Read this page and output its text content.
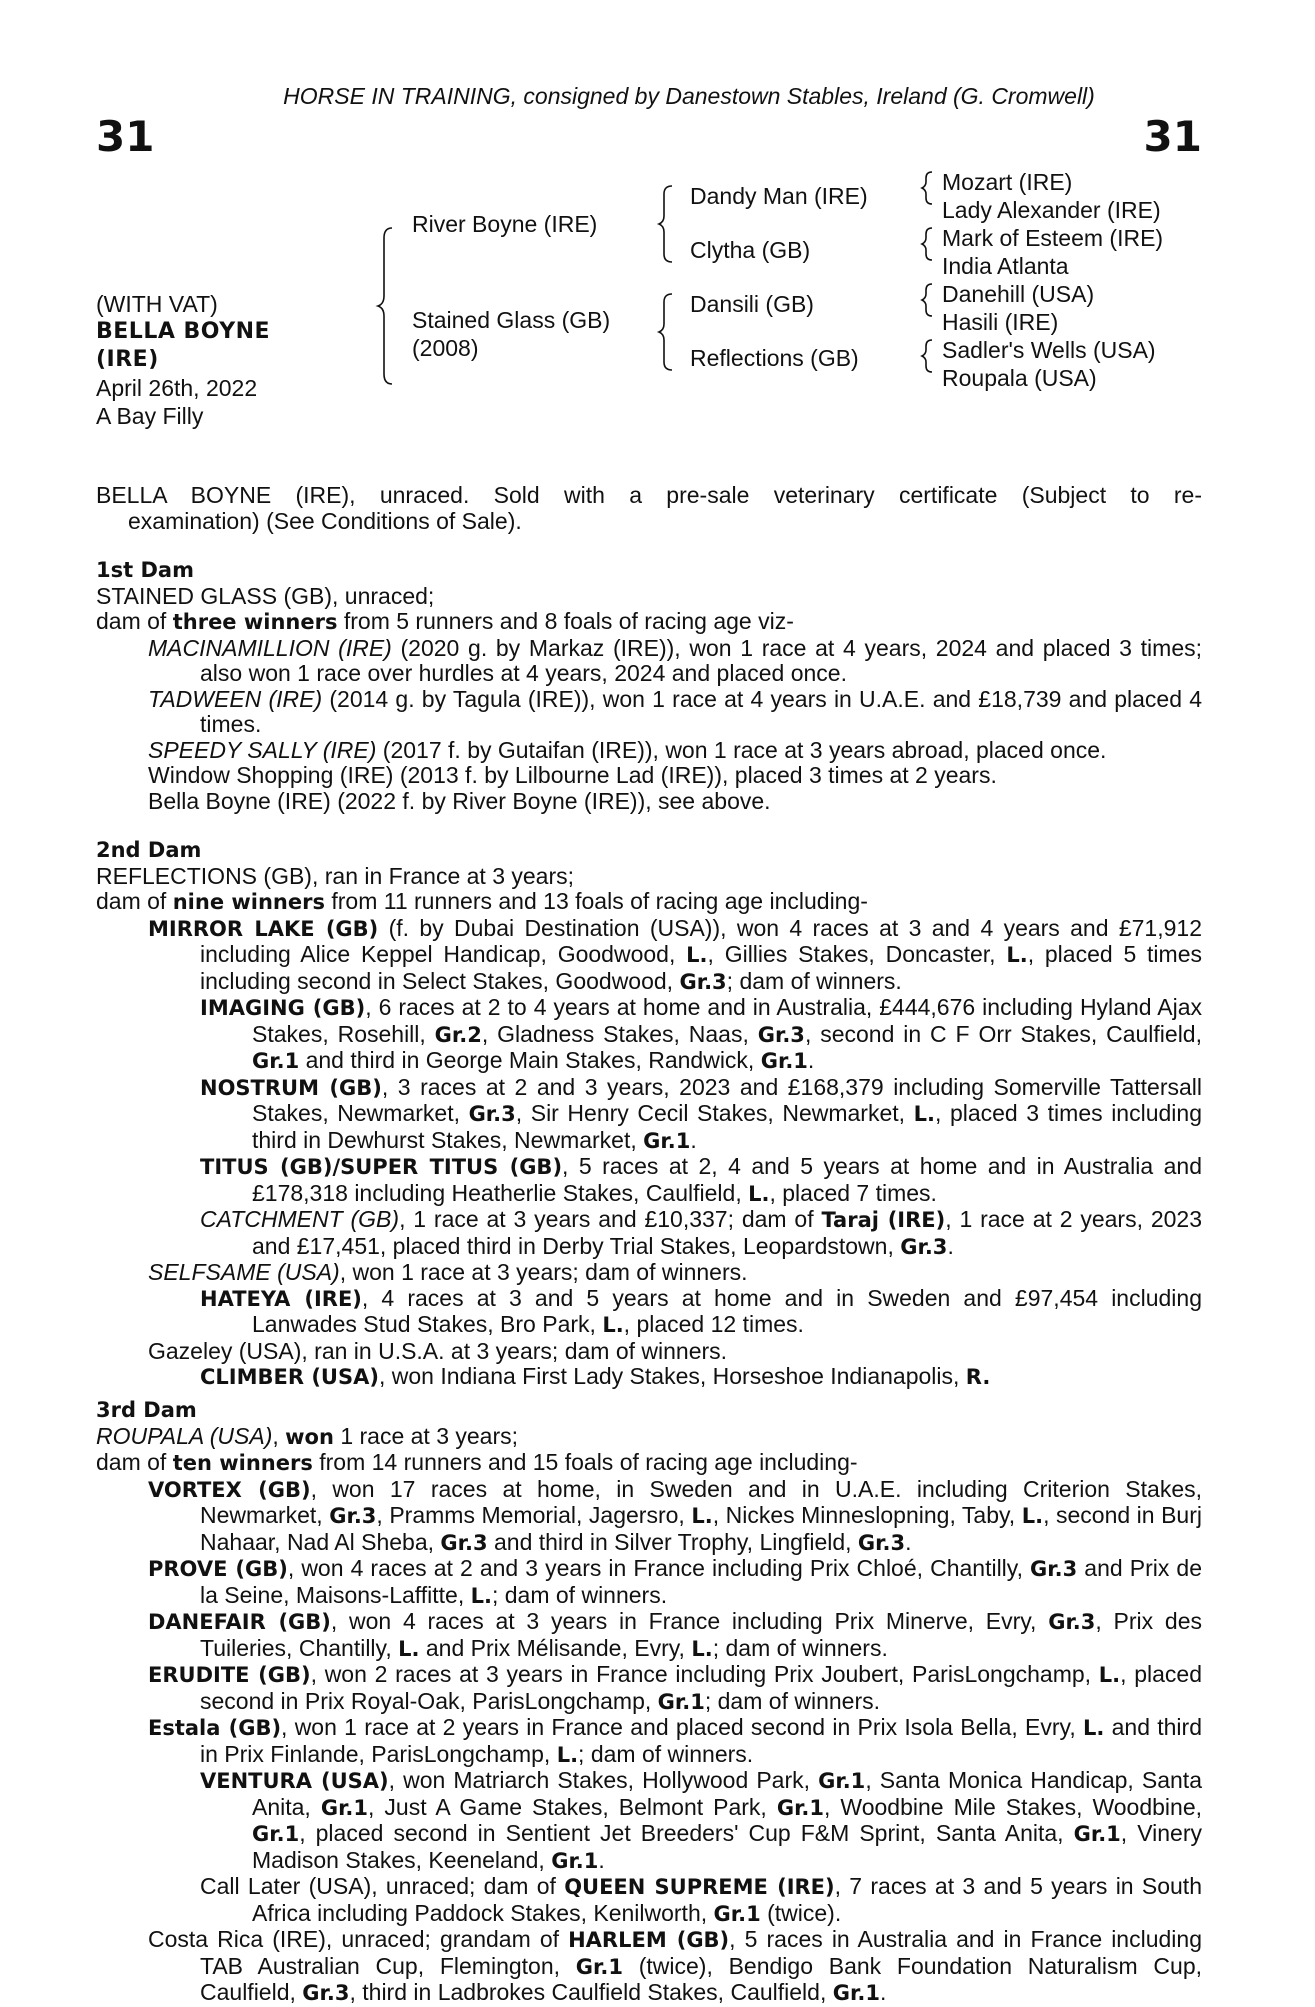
HORSE IN TRAINING, consigned by Danestown Stables, Ireland (G. Cromwell)
31	31
(WITH VAT)
BELLA BOYNE
(IRE)
April 26th, 2022
A Bay Filly
River Boyne (IRE)
Stained Glass (GB)
(2008)
Dandy Man (IRE)
Clytha (GB)
Dansili (GB)
Reflections (GB)
Mozart (IRE)
Lady Alexander (IRE)
Mark of Esteem (IRE)
India Atlanta
Danehill (USA)
Hasili (IRE)
Sadler's Wells (USA)
Roupala (USA)
BELLA BOYNE (IRE), unraced. Sold with a pre-sale veterinary certificate (Subject to re-
examination) (See Conditions of Sale).
1st Dam
STAINED GLASS (GB), unraced;
dam of three winners from 5 runners and 8 foals of racing age viz-
MACINAMILLION (IRE) (2020 g. by Markaz (IRE)), won 1 race at 4 years, 2024 and placed 3 times; also won 1 race over hurdles at 4 years, 2024 and placed once.
TADWEEN (IRE) (2014 g. by Tagula (IRE)), won 1 race at 4 years in U.A.E. and £18,739 and placed 4 times.
SPEEDY SALLY (IRE) (2017 f. by Gutaifan (IRE)), won 1 race at 3 years abroad, placed once.
Window Shopping (IRE) (2013 f. by Lilbourne Lad (IRE)), placed 3 times at 2 years.
Bella Boyne (IRE) (2022 f. by River Boyne (IRE)), see above.
2nd Dam
REFLECTIONS (GB), ran in France at 3 years;
dam of nine winners from 11 runners and 13 foals of racing age including-
MIRROR LAKE (GB) (f. by Dubai Destination (USA)), won 4 races at 3 and 4 years and £71,912 including Alice Keppel Handicap, Goodwood, L., Gillies Stakes, Doncaster, L., placed 5 times including second in Select Stakes, Goodwood, Gr.3; dam of winners.
IMAGING (GB), 6 races at 2 to 4 years at home and in Australia, £444,676 including Hyland Ajax Stakes, Rosehill, Gr.2, Gladness Stakes, Naas, Gr.3, second in C F Orr Stakes, Caulfield, Gr.1 and third in George Main Stakes, Randwick, Gr.1.
NOSTRUM (GB), 3 races at 2 and 3 years, 2023 and £168,379 including Somerville Tattersall Stakes, Newmarket, Gr.3, Sir Henry Cecil Stakes, Newmarket, L., placed 3 times including third in Dewhurst Stakes, Newmarket, Gr.1.
TITUS (GB)/SUPER TITUS (GB), 5 races at 2, 4 and 5 years at home and in Australia and £178,318 including Heatherlie Stakes, Caulfield, L., placed 7 times.
CATCHMENT (GB), 1 race at 3 years and £10,337; dam of Taraj (IRE), 1 race at 2 years, 2023 and £17,451, placed third in Derby Trial Stakes, Leopardstown, Gr.3.
SELFSAME (USA), won 1 race at 3 years; dam of winners.
HATEYA (IRE), 4 races at 3 and 5 years at home and in Sweden and £97,454 including Lanwades Stud Stakes, Bro Park, L., placed 12 times.
Gazeley (USA), ran in U.S.A. at 3 years; dam of winners.
CLIMBER (USA), won Indiana First Lady Stakes, Horseshoe Indianapolis, R.
3rd Dam
ROUPALA (USA), won 1 race at 3 years;
dam of ten winners from 14 runners and 15 foals of racing age including-
VORTEX (GB), won 17 races at home, in Sweden and in U.A.E. including Criterion Stakes, Newmarket, Gr.3, Pramms Memorial, Jagersro, L., Nickes Minneslopning, Taby, L., second in Burj Nahaar, Nad Al Sheba, Gr.3 and third in Silver Trophy, Lingfield, Gr.3.
PROVE (GB), won 4 races at 2 and 3 years in France including Prix Chloé, Chantilly, Gr.3 and Prix de la Seine, Maisons-Laffitte, L.; dam of winners.
DANEFAIR (GB), won 4 races at 3 years in France including Prix Minerve, Evry, Gr.3, Prix des Tuileries, Chantilly, L. and Prix Mélisande, Evry, L.; dam of winners.
ERUDITE (GB), won 2 races at 3 years in France including Prix Joubert, ParisLongchamp, L., placed second in Prix Royal-Oak, ParisLongchamp, Gr.1; dam of winners.
Estala (GB), won 1 race at 2 years in France and placed second in Prix Isola Bella, Evry, L. and third in Prix Finlande, ParisLongchamp, L.; dam of winners.
VENTURA (USA), won Matriarch Stakes, Hollywood Park, Gr.1, Santa Monica Handicap, Santa Anita, Gr.1, Just A Game Stakes, Belmont Park, Gr.1, Woodbine Mile Stakes, Woodbine, Gr.1, placed second in Sentient Jet Breeders' Cup F&M Sprint, Santa Anita, Gr.1, Vinery Madison Stakes, Keeneland, Gr.1.
Call Later (USA), unraced; dam of QUEEN SUPREME (IRE), 7 races at 3 and 5 years in South Africa including Paddock Stakes, Kenilworth, Gr.1 (twice).
Costa Rica (IRE), unraced; grandam of HARLEM (GB), 5 races in Australia and in France including TAB Australian Cup, Flemington, Gr.1 (twice), Bendigo Bank Foundation Naturalism Cup, Caulfield, Gr.3, third in Ladbrokes Caulfield Stakes, Caulfield, Gr.1.
